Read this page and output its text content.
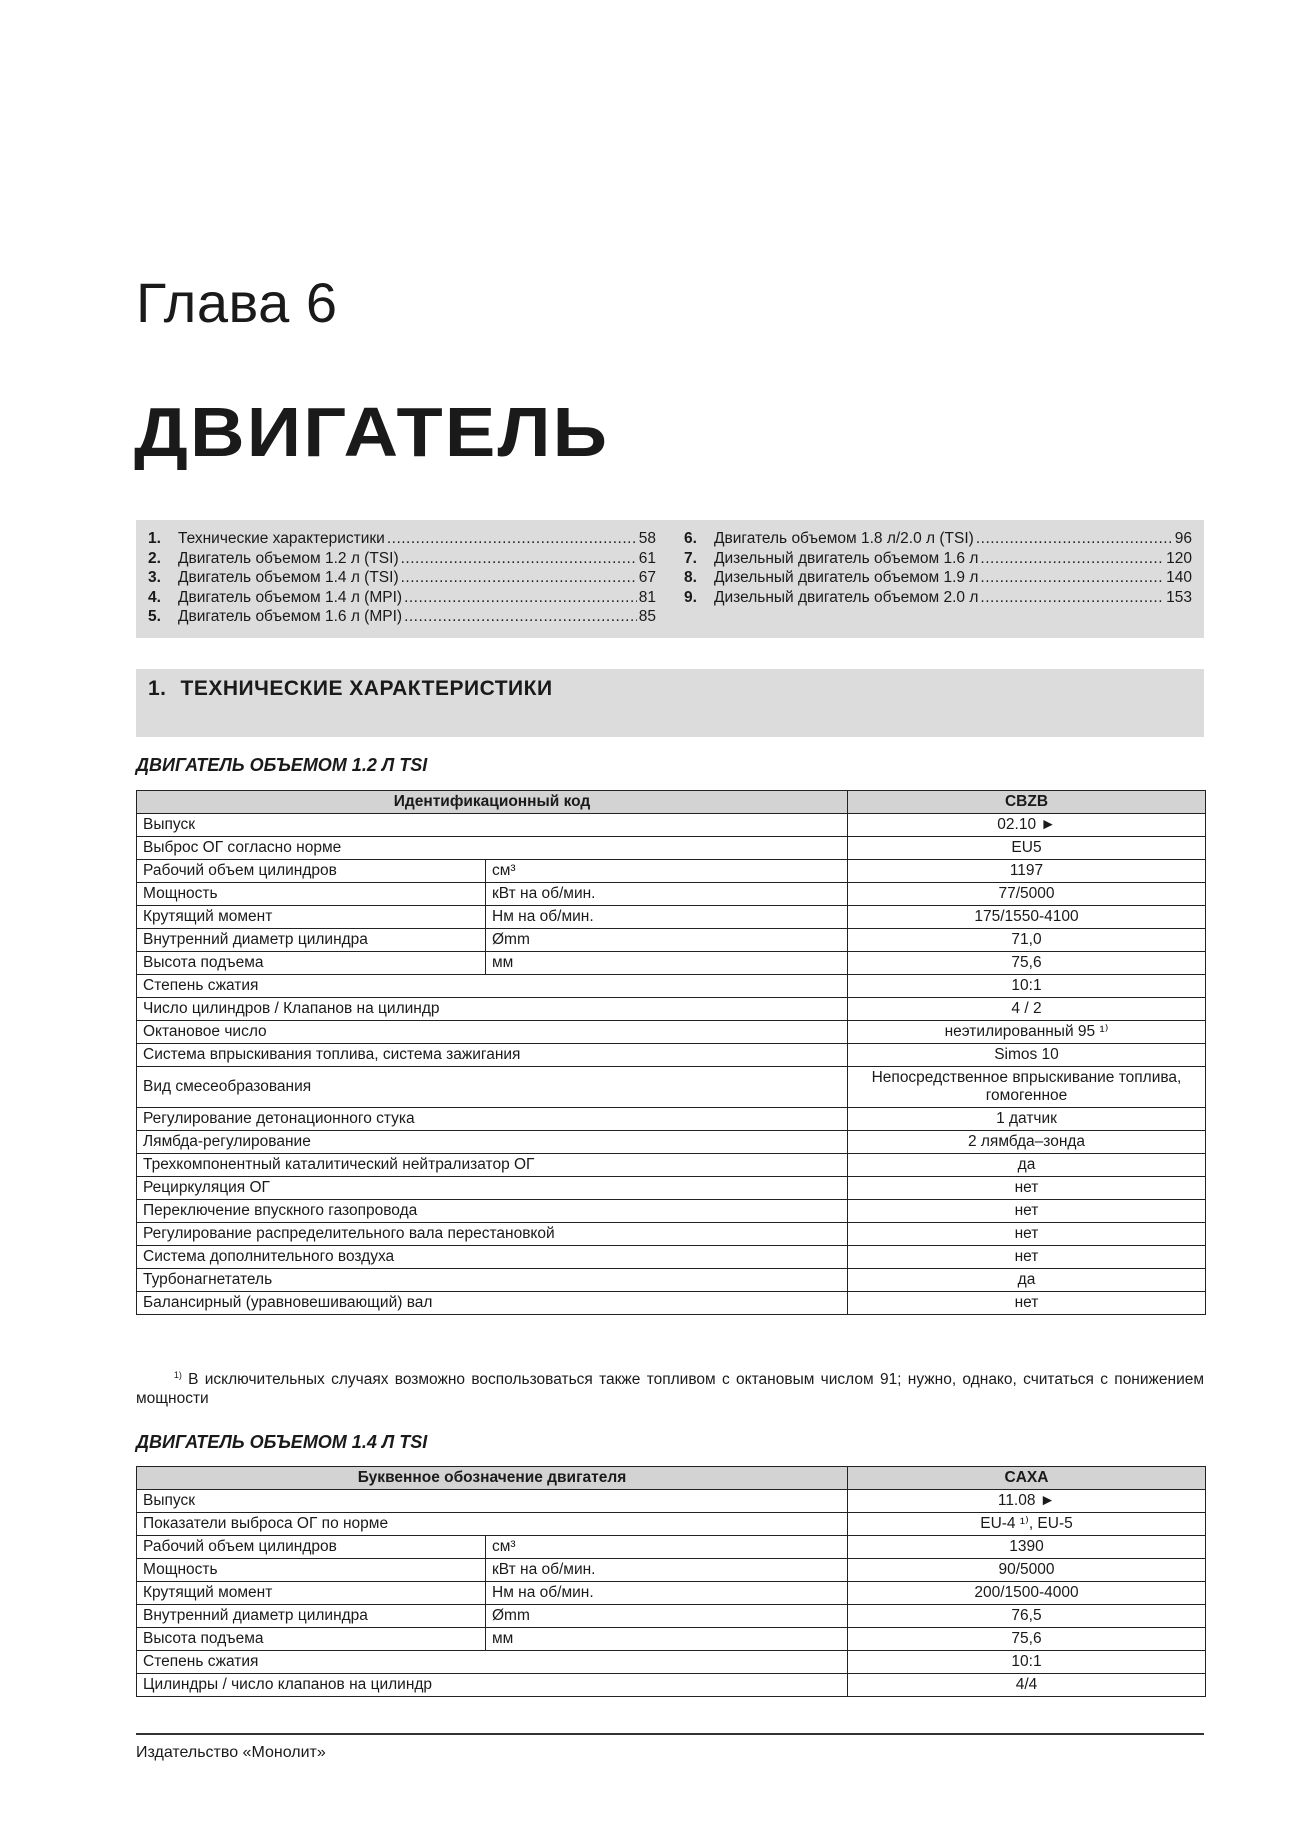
Глава 6
ДВИГАТЕЛЬ
1.	Технические характеристики .....	58
2.	Двигатель объемом 1.2 л (TSI) .....	61
3.	Двигатель объемом 1.4 л (TSI) .....	67
4.	Двигатель объемом 1.4 л (MPI) .....	81
5.	Двигатель объемом 1.6 л (MPI) .....	85
6.	Двигатель объемом 1.8 л/2.0 л (TSI) .....	96
7.	Дизельный двигатель объемом 1.6 л .....	120
8.	Дизельный двигатель объемом 1.9 л .....	140
9.	Дизельный двигатель объемом 2.0 л .....	153
1. ТЕХНИЧЕСКИЕ ХАРАКТЕРИСТИКИ
ДВИГАТЕЛЬ ОБЪЕМОМ 1.2 Л TSI
Идентификационный код		CBZB
Выпуск		02.10 ►
Выброс ОГ согласно норме		EU5
Рабочий объем цилиндров	см³	1197
Мощность	кВт на об/мин.	77/5000
Крутящий момент	Нм на об/мин.	175/1550-4100
Внутренний диаметр цилиндра	Ømm	71,0
Высота подъема	мм	75,6
Степень сжатия		10:1
Число цилиндров / Клапанов на цилиндр		4 / 2
Октановое число		неэтилированный 95 ¹⁾
Система впрыскивания топлива, система зажигания		Simos 10
Вид смесеобразования		Непосредственное впрыскивание топлива, гомогенное
Регулирование детонационного стука		1 датчик
Лямбда-регулирование		2 лямбда–зонда
Трехкомпонентный каталитический нейтрализатор ОГ		да
Рециркуляция ОГ		нет
Переключение впускного газопровода		нет
Регулирование распределительного вала перестановкой		нет
Система дополнительного воздуха		нет
Турбонагнетатель		да
Балансирный (уравновешивающий) вал		нет
$^{1)}$ В исключительных случаях возможно воспользоваться также топливом с октановым числом 91; нужно, однако, считаться с понижением мощности
ДВИГАТЕЛЬ ОБЪЕМОМ 1.4 Л TSI
Буквенное обозначение двигателя		CAXA
Выпуск		11.08 ►
Показатели выброса ОГ по норме		EU-4 ¹⁾, EU-5
Рабочий объем цилиндров	см³	1390
Мощность	кВт на об/мин.	90/5000
Крутящий момент	Нм на об/мин.	200/1500-4000
Внутренний диаметр цилиндра	Ømm	76,5
Высота подъема	мм	75,6
Степень сжатия		10:1
Цилиндры / число клапанов на цилиндр		4/4
Издательство «Монолит»
